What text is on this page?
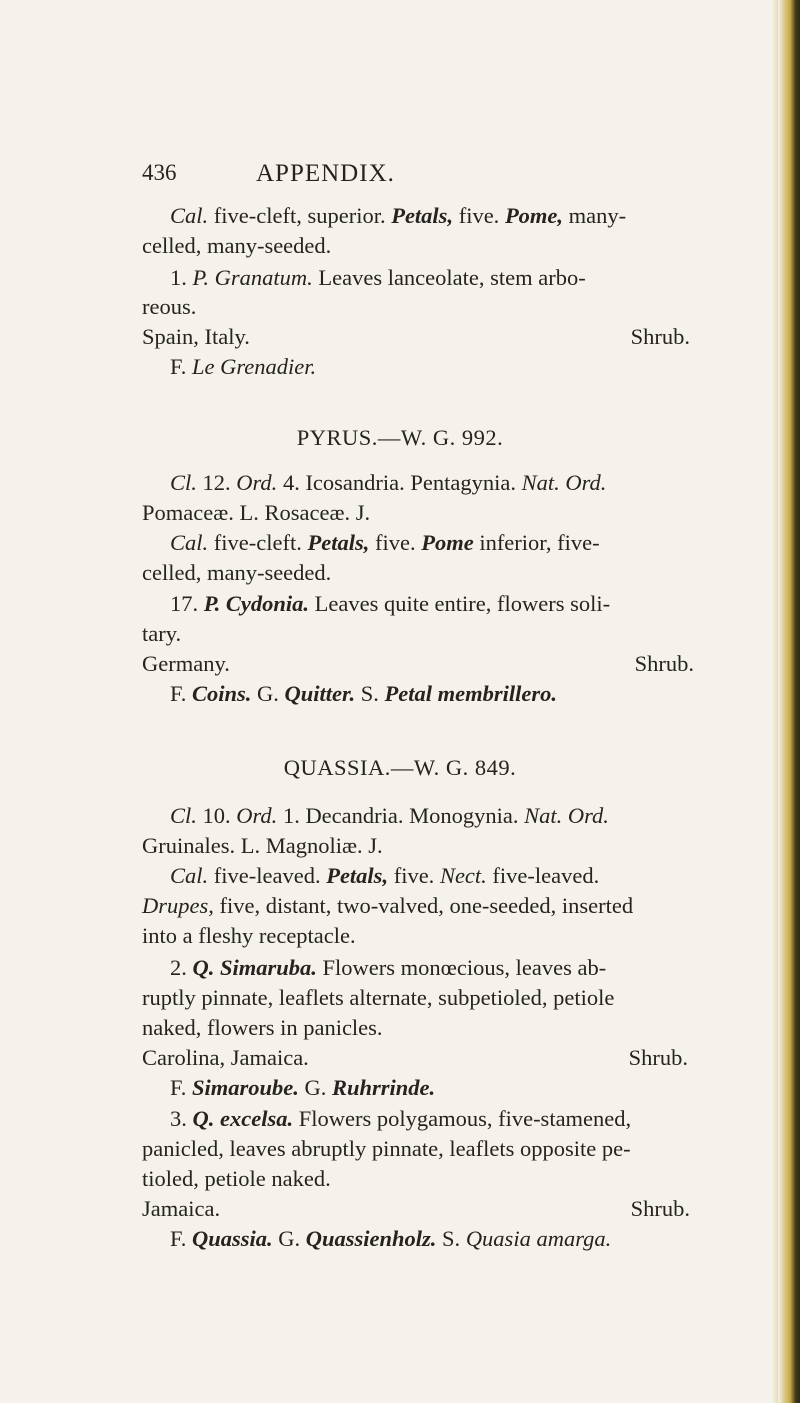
436	APPENDIX.
Cal. five-cleft, superior. Petals, five. Pome, many-
celled, many-seeded.
1. P. Granatum. Leaves lanceolate, stem arbo-
reous.
Spain, Italy.	Shrub.
F. Le Grenadier.
PYRUS.—W. G. 992.
Cl. 12. Ord. 4. Icosandria. Pentagynia. Nat. Ord.
Pomaceæ. L. Rosaceæ. J.
Cal. five-cleft. Petals, five. Pome inferior, five-
celled, many-seeded.
17. P. Cydonia. Leaves quite entire, flowers soli-
tary.
Germany.	Shrub.
F. Coins. G. Quitter. S. Petal membrillero.
QUASSIA.—W. G. 849.
Cl. 10. Ord. 1. Decandria. Monogynia. Nat. Ord.
Gruinales. L. Magnoliæ. J.
Cal. five-leaved. Petals, five. Nect. five-leaved.
Drupes, five, distant, two-valved, one-seeded, inserted
into a fleshy receptacle.
2. Q. Simaruba. Flowers monœcious, leaves ab-
ruptly pinnate, leaflets alternate, subpetioled, petiole
naked, flowers in panicles.
Carolina, Jamaica.	Shrub.
F. Simaroube. G. Ruhrrinde.
3. Q. excelsa. Flowers polygamous, five-stamened,
panicled, leaves abruptly pinnate, leaflets opposite pe-
tioled, petiole naked.
Jamaica.	Shrub.
F. Quassia. G. Quassienholz. S. Quasia amarga.
